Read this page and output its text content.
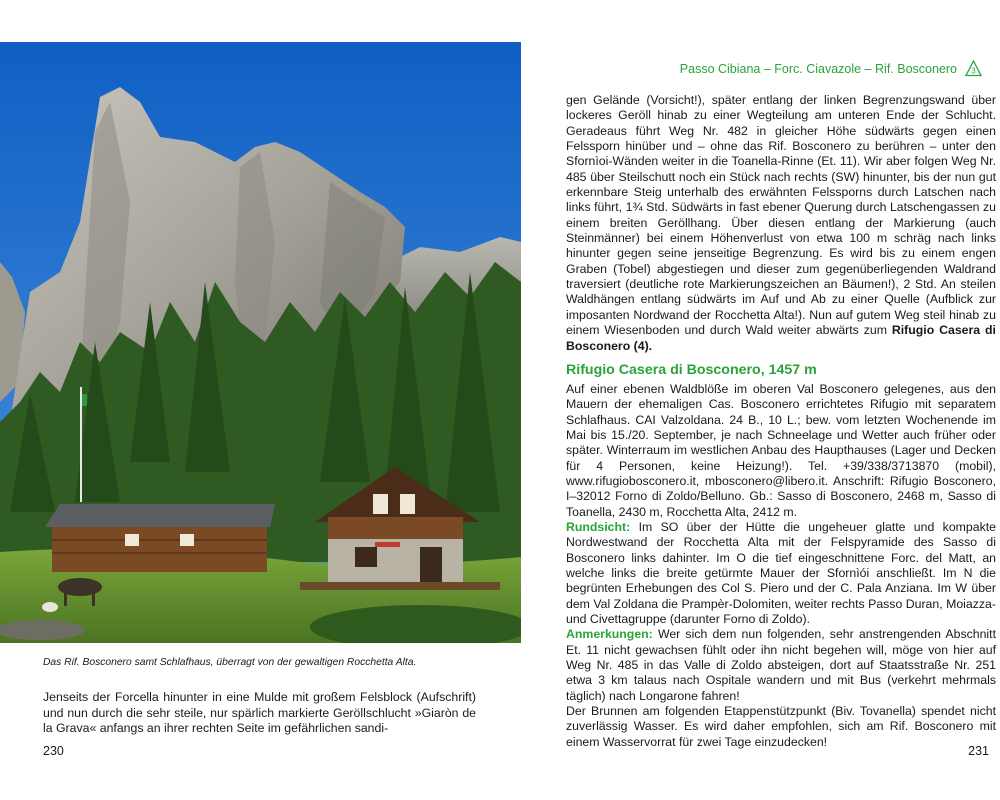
Das Rif. Bosconero samt Schlafhaus, überragt von der gewaltigen Rocchetta Alta.
Jenseits der Forcella hinunter in eine Mulde mit großem Felsblock (Aufschrift) und nun durch die sehr steile, nur spärlich markierte Geröllschlucht »Giaròn de la Grava« anfangs an ihrer rechten Seite im gefährlichen sandi-
230
Passo Cibiana – Forc. Ciavazole – Rif. Bosconero 3

gen Gelände (Vorsicht!), später entlang der linken Begrenzungswand über lockeres Geröll hinab zu einer Wegteilung am unteren Ende der Schlucht. Geradeaus führt Weg Nr. 482 in gleicher Höhe südwärts gegen einen Felssporn hinüber und – ohne das Rif. Bosconero zu berühren – unter den Sfornìoi-Wänden weiter in die Toanella-Rinne (Et. 11). Wir aber folgen Weg Nr. 485 über Steilschutt noch ein Stück nach rechts (SW) hinunter, bis der nun gut erkennbare Steig unterhalb des erwähnten Felssporns durch Latschen nach links führt, 1¾ Std. Südwärts in fast ebener Querung durch Latschengassen zu einem breiten Geröllhang. Über diesen entlang der Markierung (auch Steinmänner) bei einem Höhenverlust von etwa 100 m schräg nach links hinunter gegen seine jenseitige Begrenzung. Es wird bis zu einem engen Graben (Tobel) abgestiegen und dieser zum gegenüberliegenden Waldrand traversiert (deutliche rote Markierungszeichen an Bäumen!), 2 Std. An steilen Waldhängen entlang südwärts im Auf und Ab zu einer Quelle (Aufblick zur imposanten Nordwand der Rocchetta Alta!). Nun auf gutem Weg steil hinab zu einem Wiesenboden und durch Wald weiter abwärts zum Rifugio Casera di Bosconero (4).

Rifugio Casera di Bosconero, 1457 m

Auf einer ebenen Waldblöße im oberen Val Bosconero gelegenes, aus den Mauern der ehemaligen Cas. Bosconero errichtetes Rifugio mit separatem Schlafhaus. CAI Valzoldana. 24 B., 10 L.; bew. vom letzten Wochenende im Mai bis 15./20. September, je nach Schneelage und Wetter auch früher oder später. Winterraum im westlichen Anbau des Haupthauses (Lager und Decken für 4 Personen, keine Heizung!). Tel. +39/338/3713870 (mobil), www.rifugiobosconero.it, mbosconero@libero.it. Anschrift: Rifugio Bosconero, I–32012 Forno di Zoldo/Belluno. Gb.: Sasso di Bosconero, 2468 m, Sasso di Toanella, 2430 m, Rocchetta Alta, 2412 m.

Rundsicht: Im SO über der Hütte die ungeheuer glatte und kompakte Nordwestwand der Rocchetta Alta mit der Felspyramide des Sasso di Bosconero links dahinter. Im O die tief eingeschnittene Forc. del Matt, an welche links die breite getürmte Mauer der Sfornìói anschließt. Im N die begrünten Erhebungen des Col S. Piero und der C. Pala Anziana. Im W über dem Val Zoldana die Prampèr-Dolomiten, weiter rechts Passo Duran, Moiazza- und Civettagruppe (darunter Forno di Zoldo).

Anmerkungen: Wer sich dem nun folgenden, sehr anstrengenden Abschnitt Et. 11 nicht gewachsen fühlt oder ihn nicht begehen will, möge von hier auf Weg Nr. 485 in das Valle di Zoldo absteigen, dort auf Staatsstraße Nr. 251 etwa 3 km talaus nach Ospitale wandern und mit Bus (verkehrt mehrmals täglich) nach Longarone fahren!

Der Brunnen am folgenden Etappenstützpunkt (Biv. Tovanella) spendet nicht zuverlässig Wasser. Es wird daher empfohlen, sich am Rif. Bosconero mit einem Wasservorrat für zwei Tage einzudecken!

231
